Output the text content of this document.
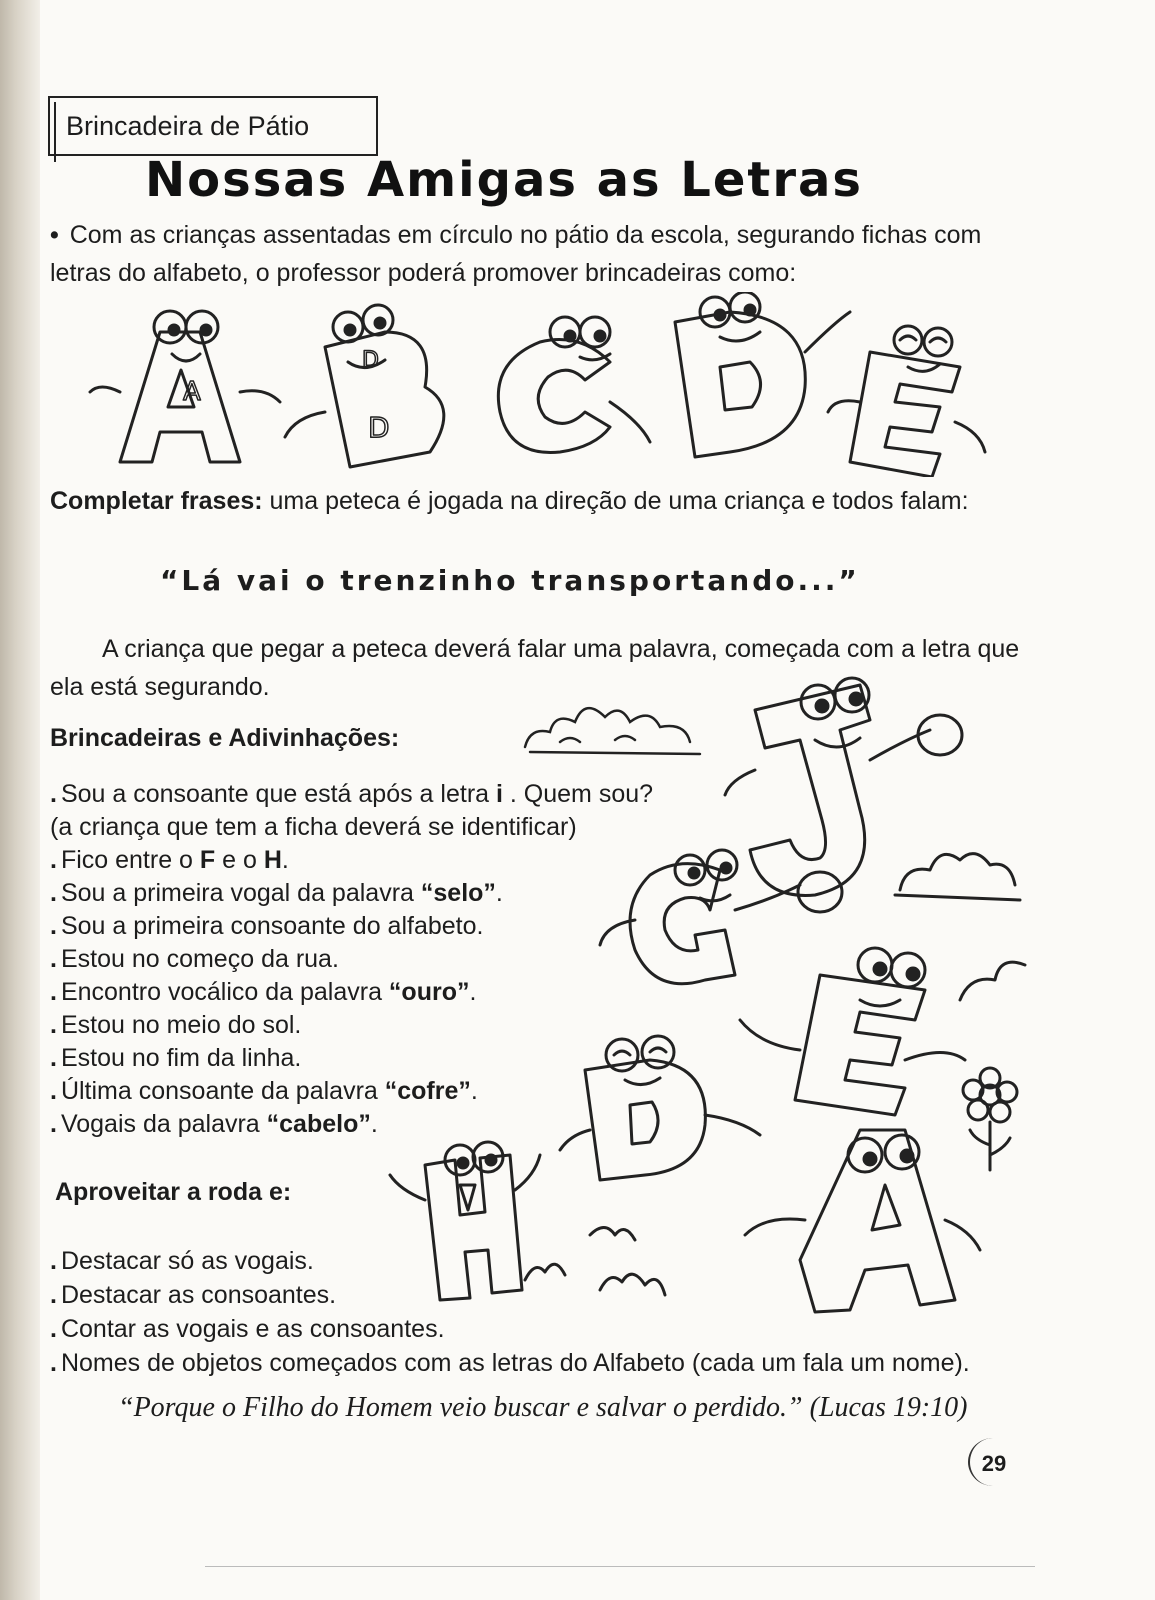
Brincadeira de Pátio
Nossas Amigas as Letras
• Com as crianças assentadas em círculo no pátio da escola, segurando fichas com letras do alfabeto, o professor poderá promover brincadeiras como:
A
D
D
Completar frases: uma peteca é jogada na direção de uma criança e todos falam:
“Lá vai o trenzinho transportando...”
A criança que pegar a peteca deverá falar uma palavra, começada com a letra que ela está segurando.
Brincadeiras e Adivinhações:
. Sou a consoante que está após a letra i . Quem sou?
(a criança que tem a ficha deverá se identificar)
. Fico entre o F e o H.
. Sou a primeira vogal da palavra “selo”.
. Sou a primeira consoante do alfabeto.
. Estou no começo da rua.
. Encontro vocálico da palavra “ouro”.
. Estou no meio do sol.
. Estou no fim da linha.
. Última consoante da palavra “cofre”.
. Vogais da palavra “cabelo”.
Aproveitar a roda e:
. Destacar só as vogais.
. Destacar as consoantes.
. Contar as vogais e as consoantes.
. Nomes de objetos começados com as letras do Alfabeto (cada um fala um nome).
“Porque o Filho do Homem veio buscar e salvar o perdido.” (Lucas 19:10)
29
